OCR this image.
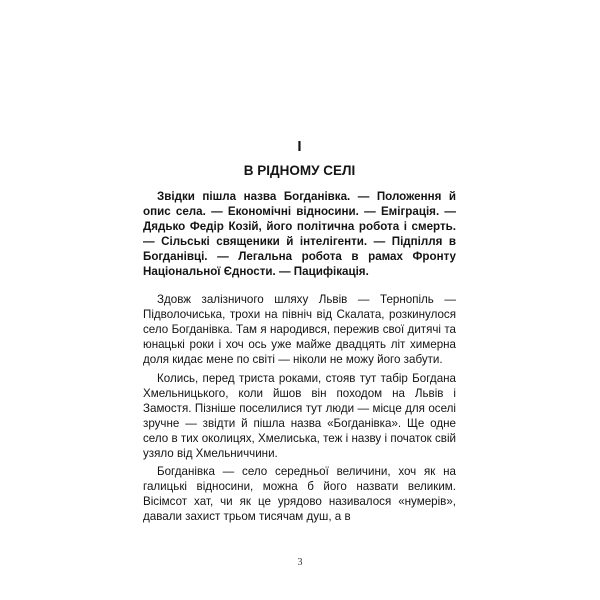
I
В РІДНОМУ СЕЛІ

Звідки пішла назва Богданівка. — Положення й опис села. — Економічні відносини. — Еміграція. — Дядько Федір Козій, його політична робота і смерть. — Сільські священики й інтелігенти. — Підпілля в Богданівці. — Легальна робота в рамах Фронту Національної Єдности. — Пацифікація.

Здовж залізничого шляху Львів — Тернопіль — Підволочиська, трохи на північ від Скалата, розкинулося село Богданівка. Там я народився, пережив свої дитячі та юнацькі роки і хоч ось уже майже двадцять літ химерна доля кидає мене по світі — ніколи не можу його забути.

Колись, перед триста роками, стояв тут табір Богдана Хмельницького, коли йшов він походом на Львів і Замостя. Пізніше поселилися тут люди — місце для оселі зручне — звідти й пішла назва «Богданівка». Ще одне село в тих околицях, Хмелиська, теж і назву і початок свій узяло від Хмельниччини.

Богданівка — село середньої величини, хоч як на галицькі відносини, можна б його назвати великим. Вісімсот хат, чи як це урядово називалося «нумерів», давали захист трьом тисячам душ, а в

3
